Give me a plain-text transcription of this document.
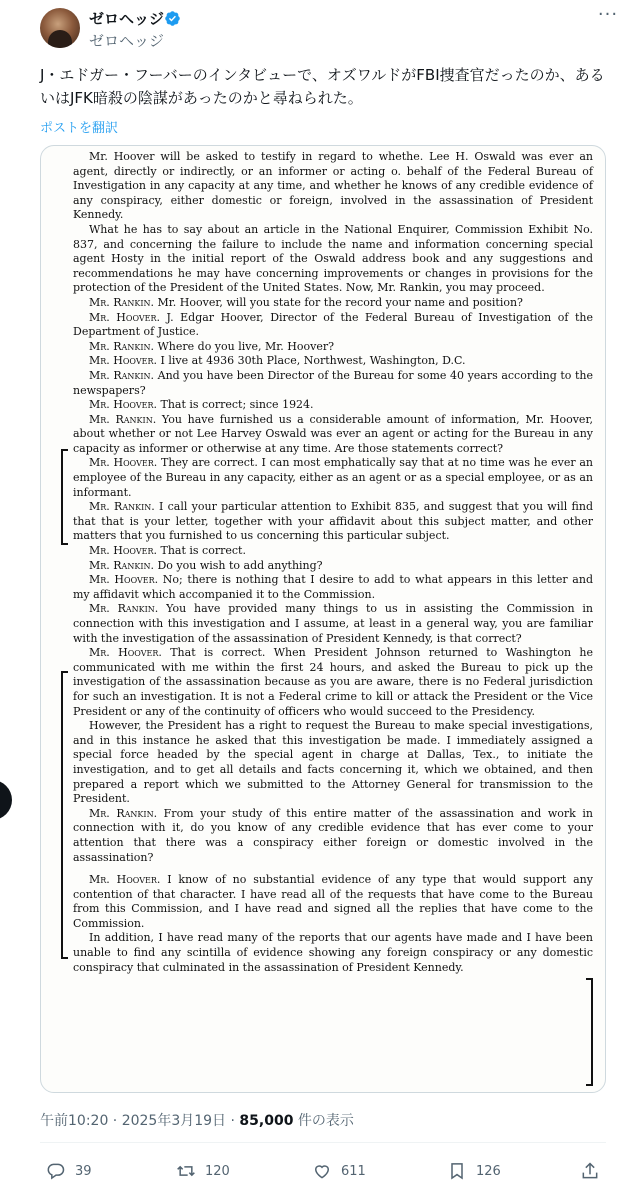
ゼロヘッジ
ゼロヘッジ
···
J・エドガー・フーバーのインタビューで、オズワルドがFBI捜査官だったのか、あるいはJFK暗殺の陰謀があったのかと尋ねられた。
ポストを翻訳

Mr. Hoover will be asked to testify in regard to whethe. Lee H. Oswald was ever an agent, directly or indirectly, or an informer or acting o. behalf of the Federal Bureau of Investigation in any capacity at any time, and whether he knows of any credible evidence of any conspiracy, either domestic or foreign, involved in the assassination of President Kennedy.

What he has to say about an article in the National Enquirer, Commission Exhibit No. 837, and concerning the failure to include the name and information concerning special agent Hosty in the initial report of the Oswald address book and any suggestions and recommendations he may have concerning improvements or changes in provisions for the protection of the President of the United States. Now, Mr. Rankin, you may proceed.

Mr. Rankin. Mr. Hoover, will you state for the record your name and position?

Mr. Hoover. J. Edgar Hoover, Director of the Federal Bureau of Investigation of the Department of Justice.

Mr. Rankin. Where do you live, Mr. Hoover?

Mr. Hoover. I live at 4936 30th Place, Northwest, Washington, D.C.

Mr. Rankin. And you have been Director of the Bureau for some 40 years according to the newspapers?

Mr. Hoover. That is correct; since 1924.

Mr. Rankin. You have furnished us a considerable amount of information, Mr. Hoover, about whether or not Lee Harvey Oswald was ever an agent or acting for the Bureau in any capacity as informer or otherwise at any time. Are those statements correct?

Mr. Hoover. They are correct. I can most emphatically say that at no time was he ever an employee of the Bureau in any capacity, either as an agent or as a special employee, or as an informant.

Mr. Rankin. I call your particular attention to Exhibit 835, and suggest that you will find that that is your letter, together with your affidavit about this subject matter, and other matters that you furnished to us concerning this particular subject.

Mr. Hoover. That is correct.

Mr. Rankin. Do you wish to add anything?

Mr. Hoover. No; there is nothing that I desire to add to what appears in this letter and my affidavit which accompanied it to the Commission.

Mr. Rankin. You have provided many things to us in assisting the Commission in connection with this investigation and I assume, at least in a general way, you are familiar with the investigation of the assassination of President Kennedy, is that correct?

Mr. Hoover. That is correct. When President Johnson returned to Washington he communicated with me within the first 24 hours, and asked the Bureau to pick up the investigation of the assassination because as you are aware, there is no Federal jurisdiction for such an investigation. It is not a Federal crime to kill or attack the President or the Vice President or any of the continuity of officers who would succeed to the Presidency.

However, the President has a right to request the Bureau to make special investigations, and in this instance he asked that this investigation be made. I immediately assigned a special force headed by the special agent in charge at Dallas, Tex., to initiate the investigation, and to get all details and facts concerning it, which we obtained, and then prepared a report which we submitted to the Attorney General for transmission to the President.

Mr. Rankin. From your study of this entire matter of the assassination and work in connection with it, do you know of any credible evidence that has ever come to your attention that there was a conspiracy either foreign or domestic involved in the assassination?

Mr. Hoover. I know of no substantial evidence of any type that would support any contention of that character. I have read all of the requests that have come to the Bureau from this Commission, and I have read and signed all the replies that have come to the Commission.

In addition, I have read many of the reports that our agents have made and I have been unable to find any scintilla of evidence showing any foreign conspiracy or any domestic conspiracy that culminated in the assassination of President Kennedy.

午前10:20 · 2025年3月19日 · 85,000 件の表示
39	120	611	126
